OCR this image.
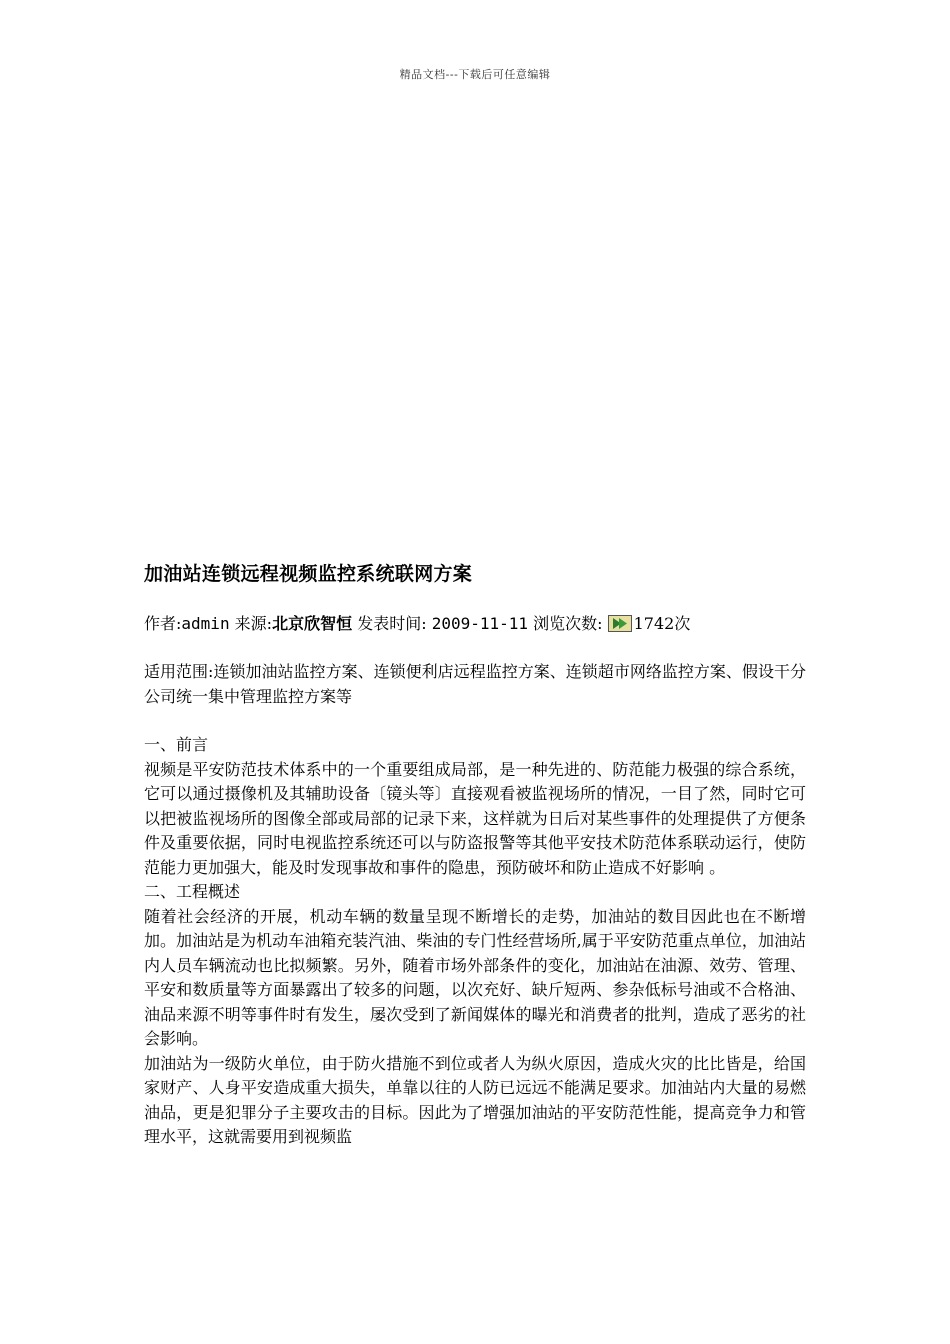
精品文档---下载后可任意编辑
加油站连锁远程视频监控系统联网方案
作者:admin 来源:北京欣智恒 发表时间: 2009-11-11 浏览次数: 1742次
适用范围:连锁加油站监控方案、连锁便利店远程监控方案、连锁超市网络监控方案、假设干分公司统一集中管理监控方案等
一、前言
视频是平安防范技术体系中的一个重要组成局部，是一种先进的、防范能力极强的综合系统，它可以通过摄像机及其辅助设备〔镜头等〕直接观看被监视场所的情况，一目了然，同时它可以把被监视场所的图像全部或局部的记录下来，这样就为日后对某些事件的处理提供了方便条件及重要依据，同时电视监控系统还可以与防盗报警等其他平安技术防范体系联动运行，使防范能力更加强大，能及时发现事故和事件的隐患，预防破坏和防止造成不好影响 。
二、工程概述
随着社会经济的开展，机动车辆的数量呈现不断增长的走势，加油站的数目因此也在不断增加。加油站是为机动车油箱充装汽油、柴油的专门性经营场所,属于平安防范重点单位，加油站内人员车辆流动也比拟频繁。另外，随着市场外部条件的变化，加油站在油源、效劳、管理、平安和数质量等方面暴露出了较多的问题，以次充好、缺斤短两、参杂低标号油或不合格油、油品来源不明等事件时有发生，屡次受到了新闻媒体的曝光和消费者的批判，造成了恶劣的社会影响。
加油站为一级防火单位，由于防火措施不到位或者人为纵火原因，造成火灾的比比皆是，给国家财产、人身平安造成重大损失，单靠以往的人防已远远不能满足要求。加油站内大量的易燃油品，更是犯罪分子主要攻击的目标。因此为了增强加油站的平安防范性能，提高竞争力和管理水平，这就需要用到视频监
